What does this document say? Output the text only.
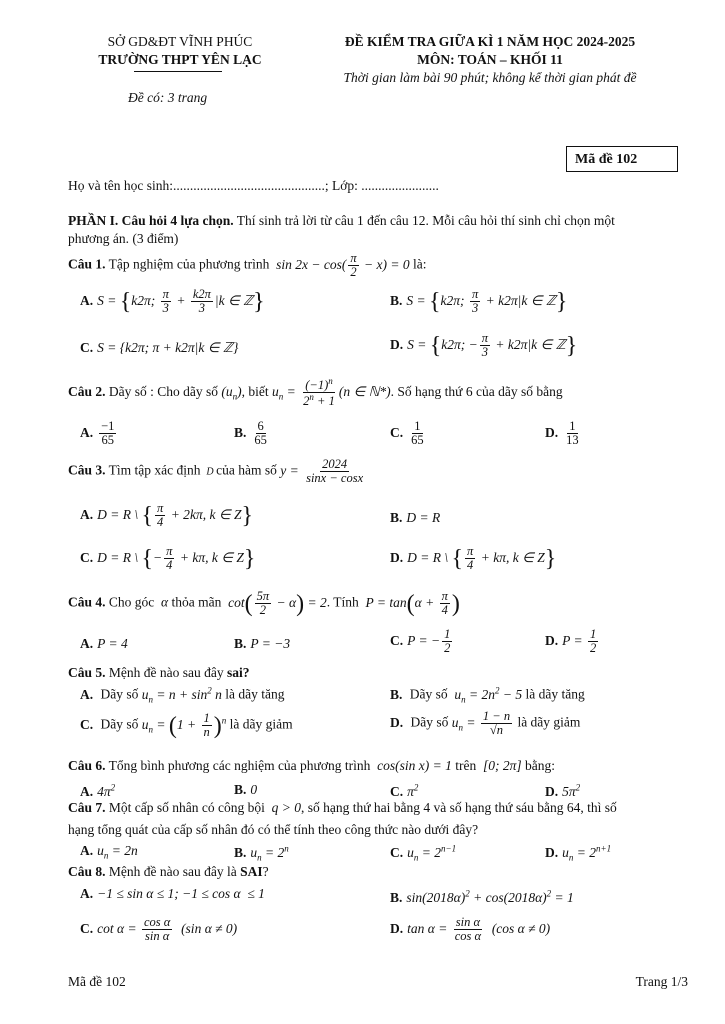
SỞ GD&ĐT VĨNH PHÚC
TRƯỜNG THPT YÊN LẠC
Đề có: 3 trang
ĐỀ KIỂM TRA GIỮA KÌ 1 NĂM HỌC 2024-2025
MÔN: TOÁN – KHỐI 11
Thời gian làm bài 90 phút; không kể thời gian phát đề
Mã đề 102
Họ và tên học sinh:.............................................; Lớp: .......................
PHẦN I. Câu hỏi 4 lựa chọn. Thí sinh trả lời từ câu 1 đến câu 12. Mỗi câu hỏi thí sinh chỉ chọn một
phương án. (3 điểm)
Câu 1. Tập nghiệm của phương trình  $\sin 2x - \cos( \frac{\pi}{2} - x) = 0$ là:
A. S = {k2π; $\frac{\pi}{3} + \frac{k2\pi}{3} |k$ ∈ ℤ}	B. S = {k2π; $\frac{\pi}{3} + k2\pi|k$ ∈ ℤ}
C. S = {k2π; π + k2π|k ∈ ℤ}	D. S = {k2π; − $\frac{\pi}{3} + k2\pi|k$ ∈ ℤ}
Câu 2. Dãy số : Cho dãy số $(u_n)$, biết $u_n = \frac{(-1)^n}{2^n + 1} (n$ ∈ ℕ*). Số hạng thứ 6 của dãy số bằng
A. $\frac{-1}{65}$	B. $\frac{6}{65}$	C. $\frac{1}{65}$	D. $\frac{1}{13}$
Câu 3. Tìm tập xác định  D của hàm số $y = \frac{2024}{\sin x - \cos x}$
A. D = R \ { $\frac{\pi}{4} + 2k\pi$, k ∈ Z}	B. D = R
C. D = R \ {− $\frac{\pi}{4} + k\pi$, k ∈ Z}	D. D = R \ { $\frac{\pi}{4} + k\pi$, k ∈ Z}
Câu 4. Cho góc  α thỏa mãn  $\cot( \frac{5\pi}{2} - \alpha) = 2$. Tính $P = \tan(\alpha + \frac{\pi}{4}$ )
A. P = 4	B. P = −3	C. P = − $\frac{1}{2}$	D. $P = \frac{1}{2}$
Câu 5. Mệnh đề nào sau đây sai?
A. Dãy số $u_n = n + \sin^2 n$ là dãy tăng	B. Dãy số  $u_n = 2n^2 - 5$ là dãy tăng
C. Dãy số $u_n = (1 + \frac{1}{n} )^n$ là dãy giảm	D. Dãy số $u_n = \frac{1 - n}{√n}$ là dãy giảm
Câu 6. Tổng bình phương các nghiệm của phương trình  cos(sin x) = 1 trên  [0; 2π] bằng:
A. $4\pi^2$	B. 0	C. $\pi^2$	D. $5\pi^2$
Câu 7. Một cấp số nhân có công bội q > 0, số hạng thứ hai bằng 4 và số hạng thứ sáu bằng 64, thì số
hạng tổng quát của cấp số nhân đó có thể tính theo công thức nào dưới đây?
A. $u_n = 2n$	B. $u_n = 2^n$	C. $u_n = 2^{n-1}$	D. $u_n = 2^{n+1}$
Câu 8. Mệnh đề nào sau đây là SAI?
A. −1 ≤ sin α ≤ 1; −1 ≤ cos α  ≤ 1	B. $\sin(2018\alpha)^2 + \cos(2018\alpha)^2 = 1$
C. $\cot \alpha = \frac{\text{cos α}}{\text{sin α}} (\sin$ α ≠ 0)	D. $\tan \alpha = \frac{\text{sin α}}{\text{cos α}} (\cos$ α ≠ 0)
Mã đề 102	Trang 1/3
